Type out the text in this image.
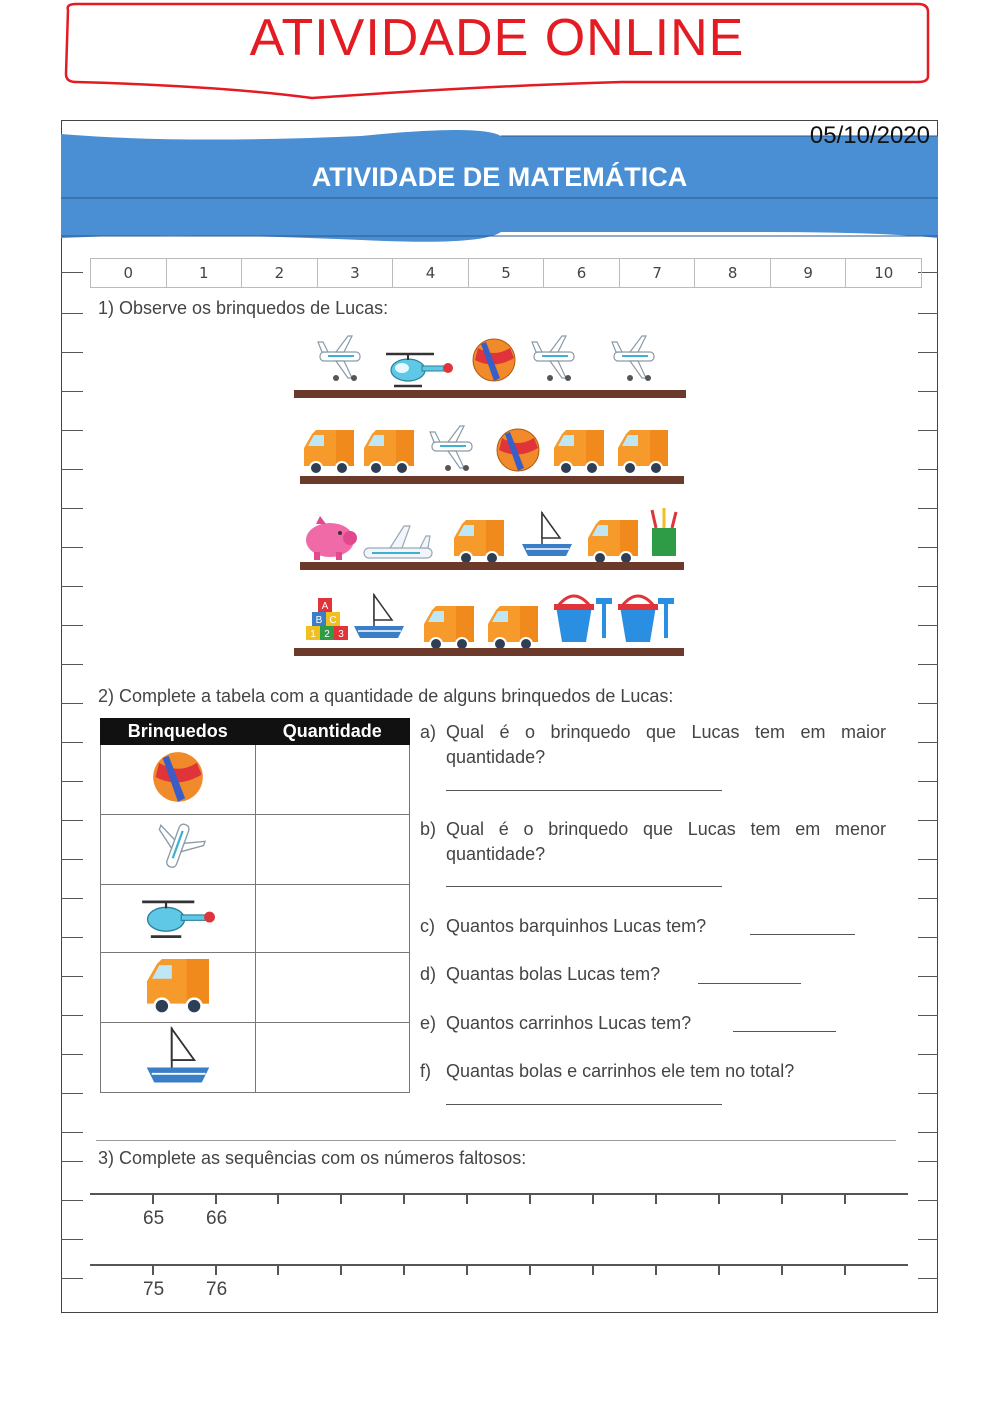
ATIVIDADE ONLINE
05/10/2020
ATIVIDADE DE MATEMÁTICA
0	1	2	3	4	5	6	7	8	9	10
1) Observe os brinquedos de Lucas:
A
B C
1 2 3
2) Complete a tabela com a quantidade de alguns brinquedos de Lucas:
Brinquedos	Quantidade

	a) Qual é o brinquedo que Lucas tem em maior quantidade?
b) Qual é o brinquedo que Lucas tem em menor quantidade?
c) Quantos barquinhos Lucas tem?
d) Quantas bolas Lucas tem?
e) Quantos carrinhos Lucas tem?
f) Quantas bolas e carrinhos ele tem no total?
3) Complete as sequências com os números faltosos:
65 66
75 76
